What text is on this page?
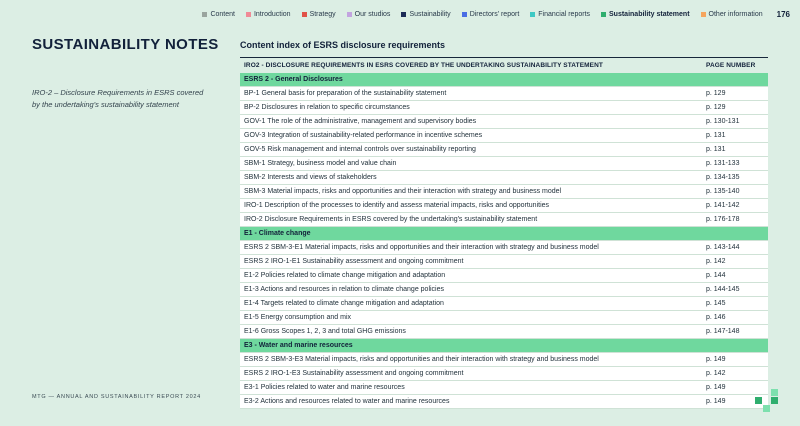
Content	Introduction	Strategy	Our studios	Sustainability	Directors' report	Financial reports	Sustainability statement	Other information 176
SUSTAINABILITY NOTES

IRO-2 – Disclosure Requirements in ESRS covered by the undertaking's sustainability statement

MTG — ANNUAL AND SUSTAINABILITY REPORT 2024
Content index of ESRS disclosure requirements
IRO2 - DISCLOSURE REQUIREMENTS IN ESRS COVERED BY THE UNDERTAKING SUSTAINABILITY STATEMENT	PAGE NUMBER
ESRS 2 - General Disclosures	
BP-1 General basis for preparation of the sustainability statement	p. 129
BP-2 Disclosures in relation to specific circumstances	p. 129
GOV-1 The role of the administrative, management and supervisory bodies	p. 130-131
GOV-3 Integration of sustainability-related performance in incentive schemes	p. 131
GOV-5 Risk management and internal controls over sustainability reporting	p. 131
SBM-1 Strategy, business model and value chain	p. 131-133
SBM-2 Interests and views of stakeholders	p. 134-135
SBM-3 Material impacts, risks and opportunities and their interaction with strategy and business model	p. 135-140
IRO-1 Description of the processes to identify and assess material impacts, risks and opportunities	p. 141-142
IRO-2 Disclosure Requirements in ESRS covered by the undertaking's sustainability statement	p. 176-178
E1 - Climate change	
ESRS 2 SBM-3-E1 Material impacts, risks and opportunities and their interaction with strategy and business model	p. 143-144
ESRS 2 IRO-1-E1 Sustainability assessment and ongoing commitment	p. 142
E1-2 Policies related to climate change mitigation and adaptation	p. 144
E1-3 Actions and resources in relation to climate change policies	p. 144-145
E1-4 Targets related to climate change mitigation and adaptation	p. 145
E1-5 Energy consumption and mix	p. 146
E1-6 Gross Scopes 1, 2, 3 and total GHG emissions	p. 147-148
E3 - Water and marine resources	
ESRS 2 SBM-3-E3 Material impacts, risks and opportunities and their interaction with strategy and business model	p. 149
ESRS 2 IRO-1-E3 Sustainability assessment and ongoing commitment	p. 142
E3-1 Policies related to water and marine resources	p. 149
E3-2 Actions and resources related to water and marine resources	p. 149
